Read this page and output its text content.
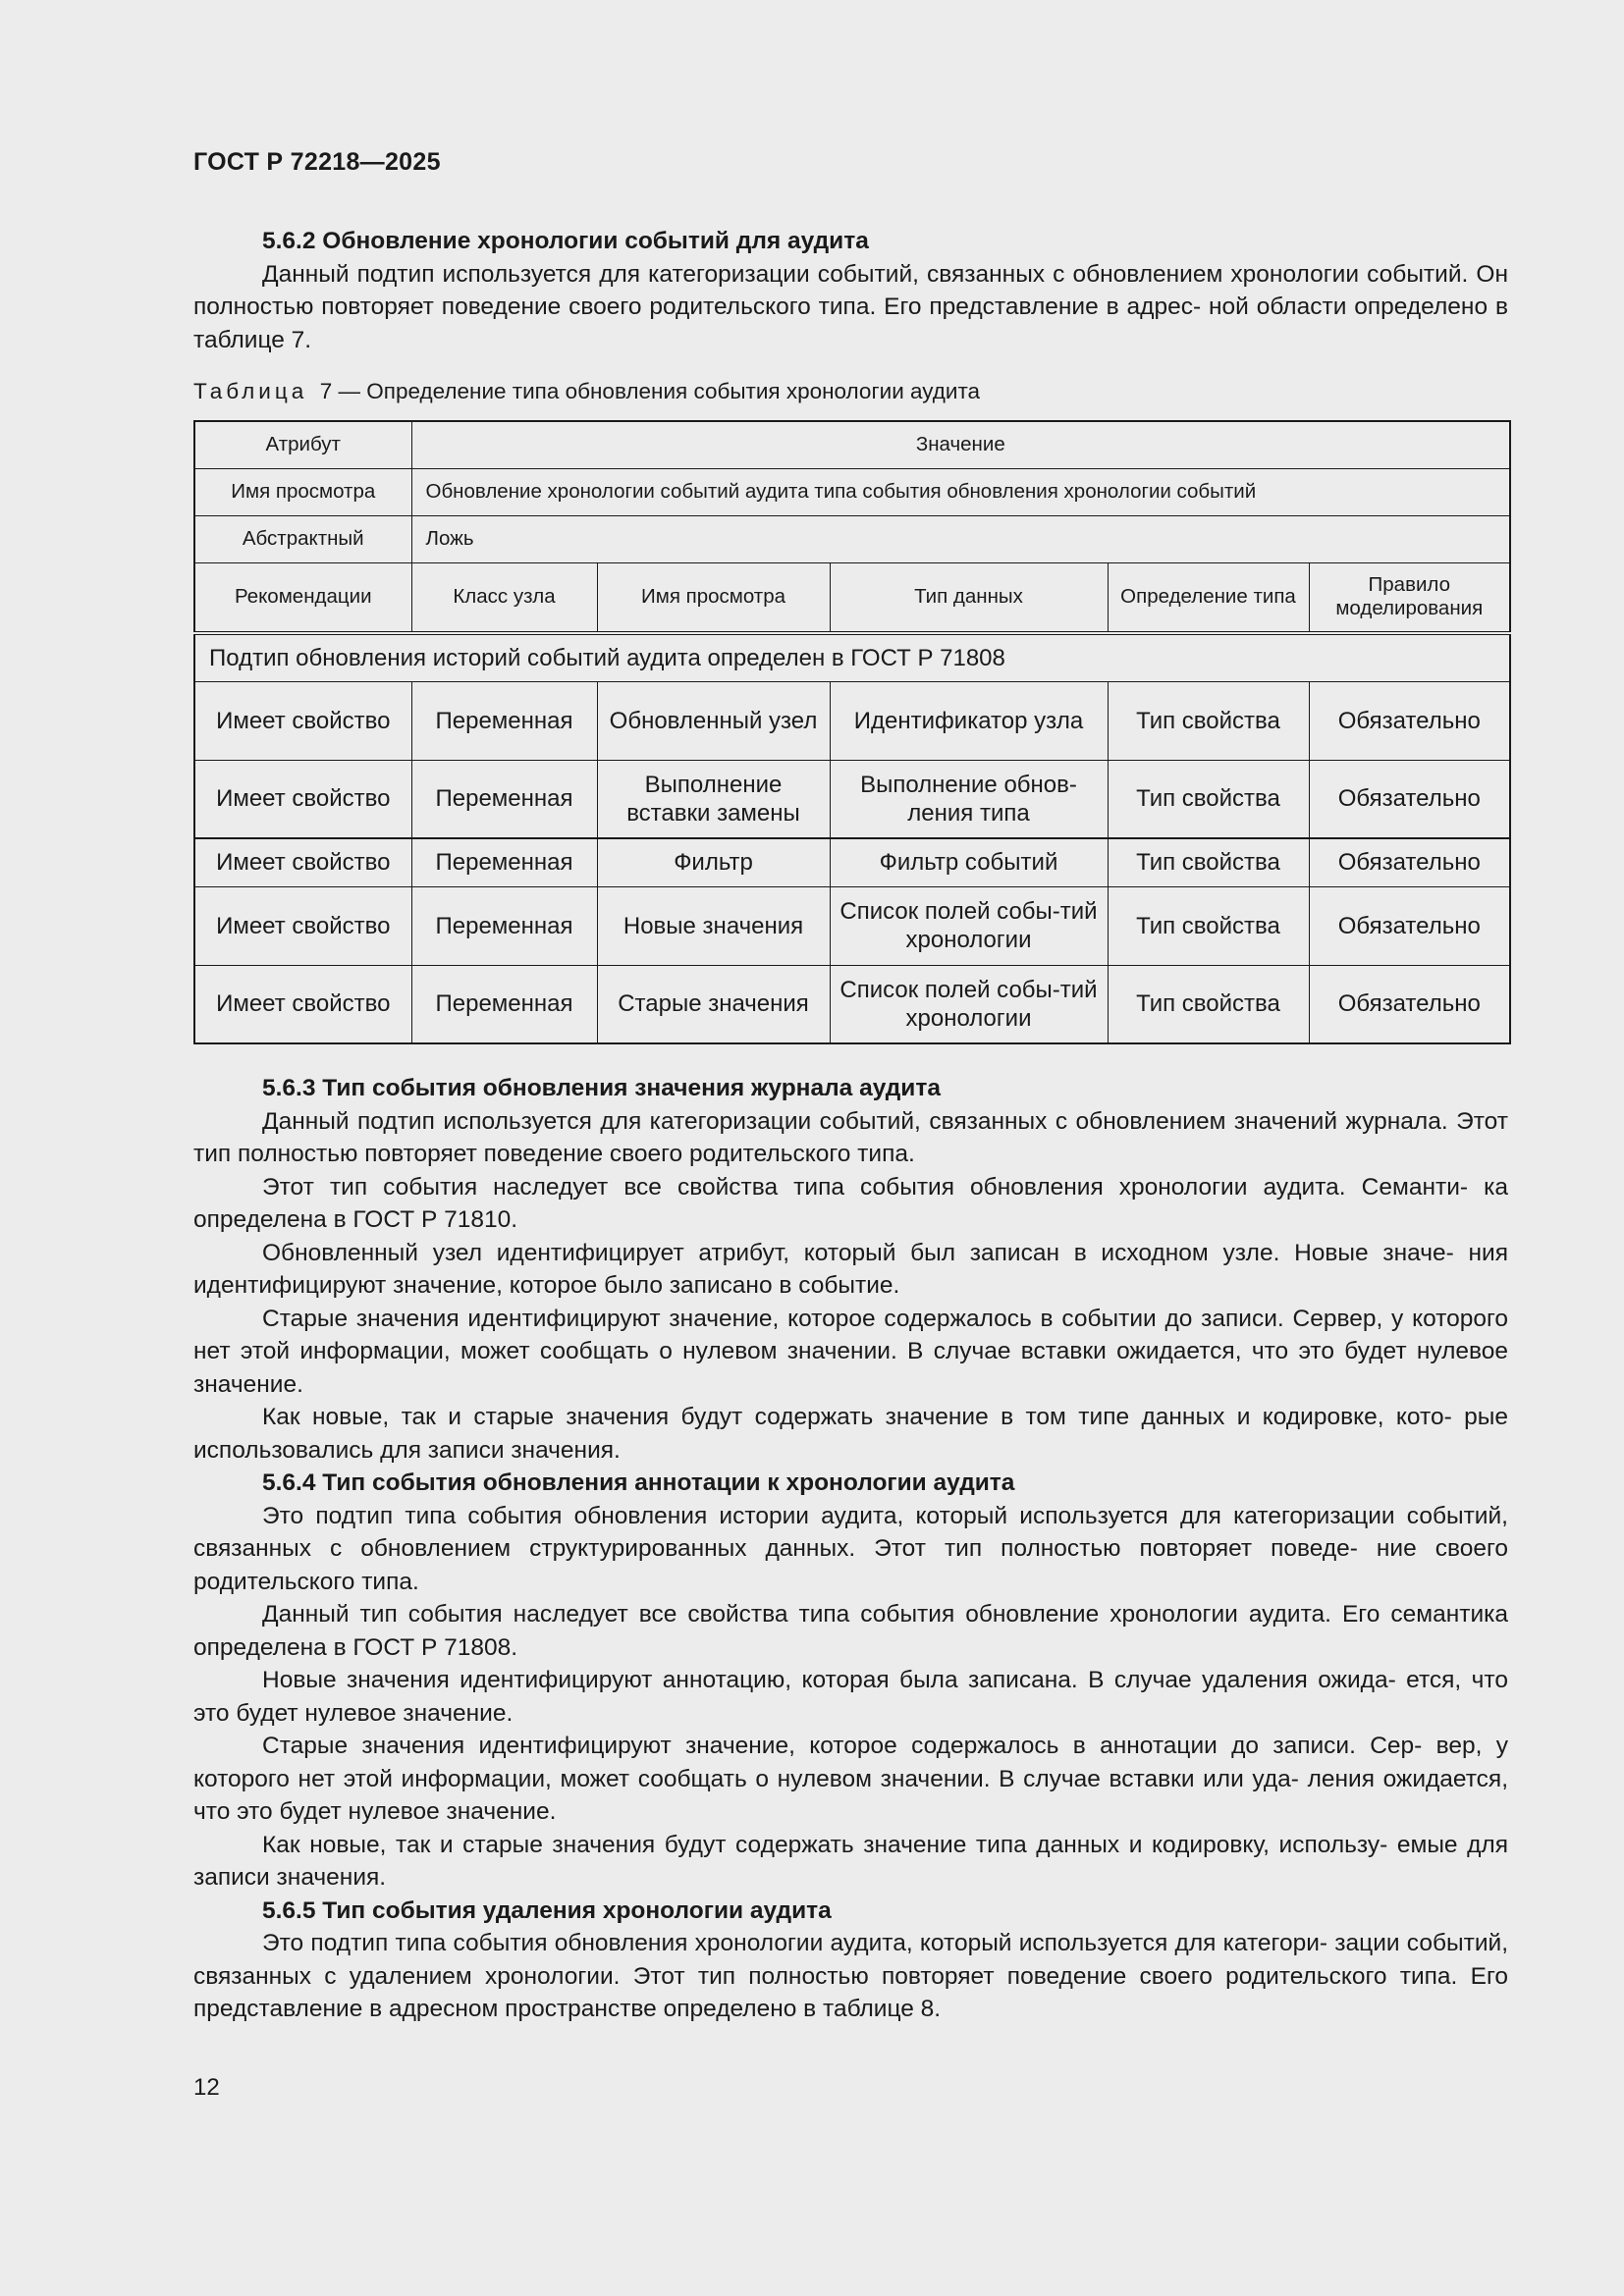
ГОСТ Р 72218—2025

5.6.2 Обновление хронологии событий для аудита

Данный подтип используется для категоризации событий, связанных с обновлением хронологии событий. Он полностью повторяет поведение своего родительского типа. Его представление в адрес- ной области определено в таблице 7.

Таблица 7 — Определение типа обновления события хронологии аудита
Атрибут	Значение				
Имя просмотра	Обновление хронологии событий аудита типа события обновления хронологии событий				
Абстрактный	Ложь				
Рекомендации	Класс узла	Имя просмотра	Тип данных	Определение типа	Правило моделирования
Подтип обновления историй событий аудита определен в ГОСТ Р 71808					
Имеет свойство	Переменная	Обновленный узел	Идентификатор узла	Тип свойства	Обязательно
Имеет свойство	Переменная	Выполнение вставки замены	Выполнение обнов-ления типа	Тип свойства	Обязательно
Имеет свойство	Переменная	Фильтр	Фильтр событий	Тип свойства	Обязательно
Имеет свойство	Переменная	Новые значения	Список полей собы-тий хронологии	Тип свойства	Обязательно
Имеет свойство	Переменная	Старые значения	Список полей собы-тий хронологии	Тип свойства	Обязательно

5.6.3 Тип события обновления значения журнала аудита

Данный подтип используется для категоризации событий, связанных с обновлением значений журнала. Этот тип полностью повторяет поведение своего родительского типа.

Этот тип события наследует все свойства типа события обновления хронологии аудита. Семанти- ка определена в ГОСТ Р 71810.

Обновленный узел идентифицирует атрибут, который был записан в исходном узле. Новые значе- ния идентифицируют значение, которое было записано в событие.

Старые значения идентифицируют значение, которое содержалось в событии до записи. Сервер, у которого нет этой информации, может сообщать о нулевом значении. В случае вставки ожидается, что это будет нулевое значение.

Как новые, так и старые значения будут содержать значение в том типе данных и кодировке, кото- рые использовались для записи значения.

5.6.4 Тип события обновления аннотации к хронологии аудита

Это подтип типа события обновления истории аудита, который используется для категоризации событий, связанных с обновлением структурированных данных. Этот тип полностью повторяет поведе- ние своего родительского типа.

Данный тип события наследует все свойства типа события обновление хронологии аудита. Его семантика определена в ГОСТ Р 71808.

Новые значения идентифицируют аннотацию, которая была записана. В случае удаления ожида- ется, что это будет нулевое значение.

Старые значения идентифицируют значение, которое содержалось в аннотации до записи. Сер- вер, у которого нет этой информации, может сообщать о нулевом значении. В случае вставки или уда- ления ожидается, что это будет нулевое значение.

Как новые, так и старые значения будут содержать значение типа данных и кодировку, использу- емые для записи значения.

5.6.5 Тип события удаления хронологии аудита

Это подтип типа события обновления хронологии аудита, который используется для категори- зации событий, связанных с удалением хронологии. Этот тип полностью повторяет поведение своего родительского типа. Его представление в адресном пространстве определено в таблице 8.

12
